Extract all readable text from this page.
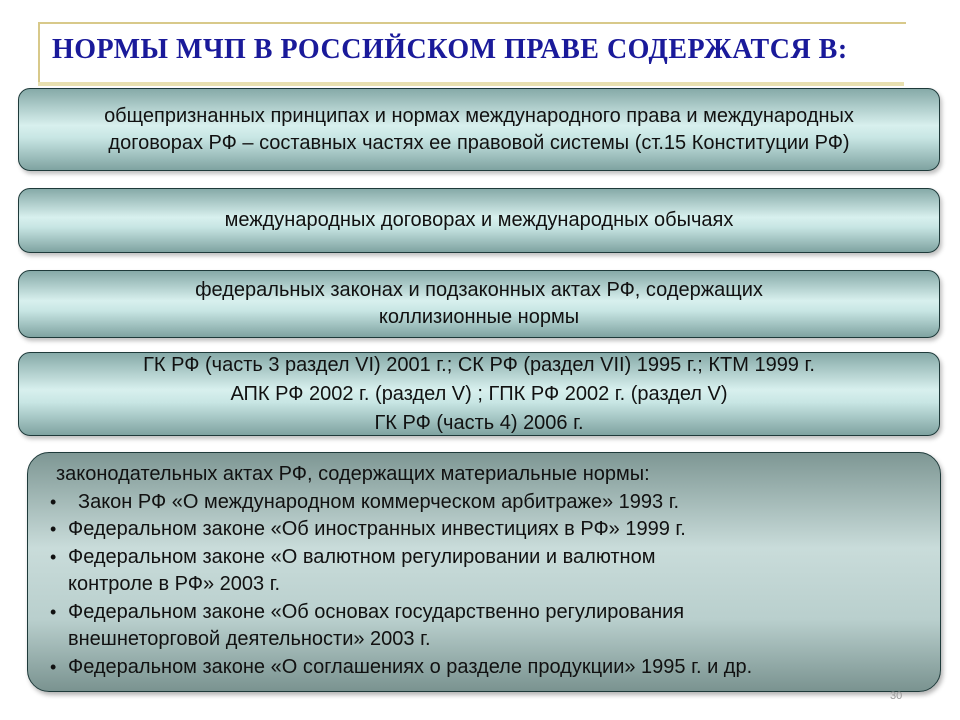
НОРМЫ МЧП В РОССИЙСКОМ ПРАВЕ СОДЕРЖАТСЯ В:
общепризнанных принципах и нормах международного права и международных
договорах РФ – составных частях ее правовой системы (ст.15 Конституции РФ)
международных договорах и международных обычаях
федеральных законах и подзаконных актах РФ, содержащих
коллизионные нормы
ГК РФ (часть 3 раздел VI) 2001 г.; СК РФ (раздел VII) 1995 г.; КТМ 1999 г.
АПК РФ 2002 г. (раздел V) ; ГПК РФ 2002 г. (раздел V)
ГК РФ (часть 4) 2006 г.
законодательных актах РФ, содержащих материальные нормы:
•	Закон РФ «О международном коммерческом арбитраже» 1993 г.
• Федеральном законе «Об иностранных инвестициях в РФ» 1999 г.
• Федеральном законе «О валютном регулировании и валютном
контроле в РФ» 2003 г.
• Федеральном законе «Об основах государственно регулирования
внешнеторговой деятельности» 2003 г.
• Федеральном законе «О соглашениях о разделе продукции» 1995 г. и др.
30
